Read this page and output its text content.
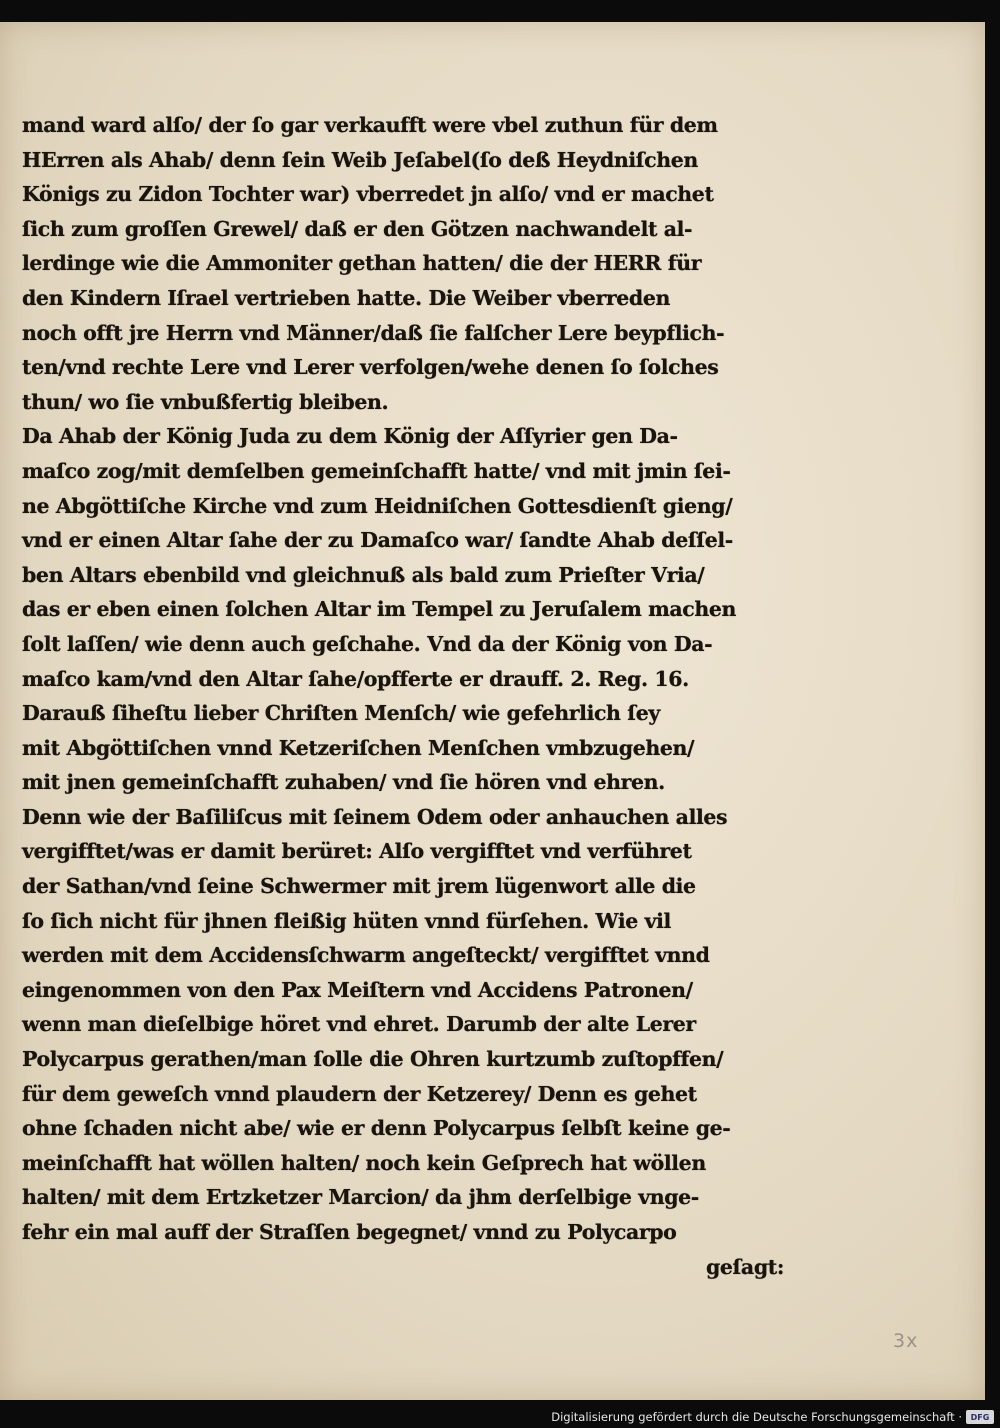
mand ward alſo/ der ſo gar verkaufft were vbel zuthun für dem
HErren als Ahab/ denn ſein Weib Jeſabel(ſo deß Heydniſchen
Königs zu Zidon Tochter war) vberredet jn alſo/ vnd er machet
ſich zum groſſen Grewel/ daß er den Götzen nachwandelt al-
lerdinge wie die Ammoniter gethan hatten/ die der HERR für
den Kindern Iſrael vertrieben hatte. Die Weiber vberreden
noch offt jre Herrn vnd Männer/daß ſie falſcher Lere beypflich-
ten/vnd rechte Lere vnd Lerer verfolgen/wehe denen ſo ſolches
thun/ wo ſie vnbußfertig bleiben.
Da Ahab der König Juda zu dem König der Aſſyrier gen Da-
maſco zog/mit demſelben gemeinſchafft hatte/ vnd mit jmin ſei-
ne Abgöttiſche Kirche vnd zum Heidniſchen Gottesdienſt gieng/
vnd er einen Altar ſahe der zu Damaſco war/ ſandte Ahab deſſel-
ben Altars ebenbild vnd gleichnuß als bald zum Prieſter Vria/
das er eben einen ſolchen Altar im Tempel zu Jeruſalem machen
ſolt laſſen/ wie denn auch geſchahe. Vnd da der König von Da-
maſco kam/vnd den Altar ſahe/opfferte er drauff. 2. Reg. 16.
Darauß ſiheſtu lieber Chriſten Menſch/ wie gefehrlich ſey
mit Abgöttiſchen vnnd Ketzeriſchen Menſchen vmbzugehen/
mit jnen gemeinſchafft zuhaben/ vnd ſie hören vnd ehren.
Denn wie der Baſiliſcus mit ſeinem Odem oder anhauchen alles
vergifftet/was er damit berüret: Alſo vergifftet vnd verführet
der Sathan/vnd ſeine Schwermer mit jrem lügenwort alle die
ſo ſich nicht für jhnen fleißig hüten vnnd fürſehen. Wie vil
werden mit dem Accidensſchwarm angeſteckt/ vergifftet vnnd
eingenommen von den Pax Meiſtern vnd Accidens Patronen/
wenn man dieſelbige höret vnd ehret. Darumb der alte Lerer
Polycarpus gerathen/man ſolle die Ohren kurtzumb zuſtopffen/
für dem geweſch vnnd plaudern der Ketzerey/ Denn es gehet
ohne ſchaden nicht abe/ wie er denn Polycarpus ſelbſt keine ge-
meinſchafft hat wöllen halten/ noch kein Geſprech hat wöllen
halten/ mit dem Ertzketzer Marcion/ da jhm derſelbige vnge-
fehr ein mal auff der Straſſen begegnet/ vnnd zu Polycarpo
geſagt:
3x
Digitalisierung gefördert durch die Deutsche Forschungsgemeinschaft · DFG
